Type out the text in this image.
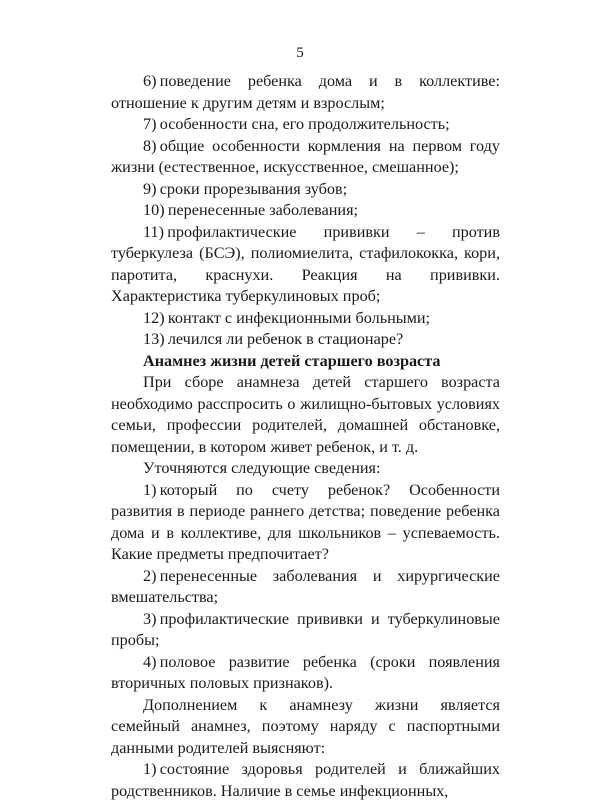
5

6) поведение ребенка дома и в коллективе: отношение к другим детям и взрослым;

7) особенности сна, его продолжительность;

8) общие особенности кормления на первом году жизни (естественное, искусственное, смешанное);

9) сроки прорезывания зубов;

10) перенесенные заболевания;

11) профилактические прививки – против туберкулеза (БСЭ), полиомиелита, стафилококка, кори, паротита, краснухи. Реакция на прививки. Характеристика туберкулиновых проб;

12) контакт с инфекционными больными;

13) лечился ли ребенок в стационаре?

Анамнез жизни детей старшего возраста

При сборе анамнеза детей старшего возраста необходимо расспросить о жилищно-бытовых условиях семьи, профессии родителей, домашней обстановке, помещении, в котором живет ребенок, и т. д.

Уточняются следующие сведения:

1) который по счету ребенок? Особенности развития в периоде раннего детства; поведение ребенка дома и в коллективе, для школьников – успеваемость. Какие предметы предпочитает?

2) перенесенные заболевания и хирургические вмешательства;

3) профилактические прививки и туберкулиновые пробы;

4) половое развитие ребенка (сроки появления вторичных половых признаков).

Дополнением к анамнезу жизни является семейный анамнез, поэтому наряду с паспортными данными родителей выясняют:

1) состояние здоровья родителей и ближайших родственников. Наличие в семье инфекционных,
